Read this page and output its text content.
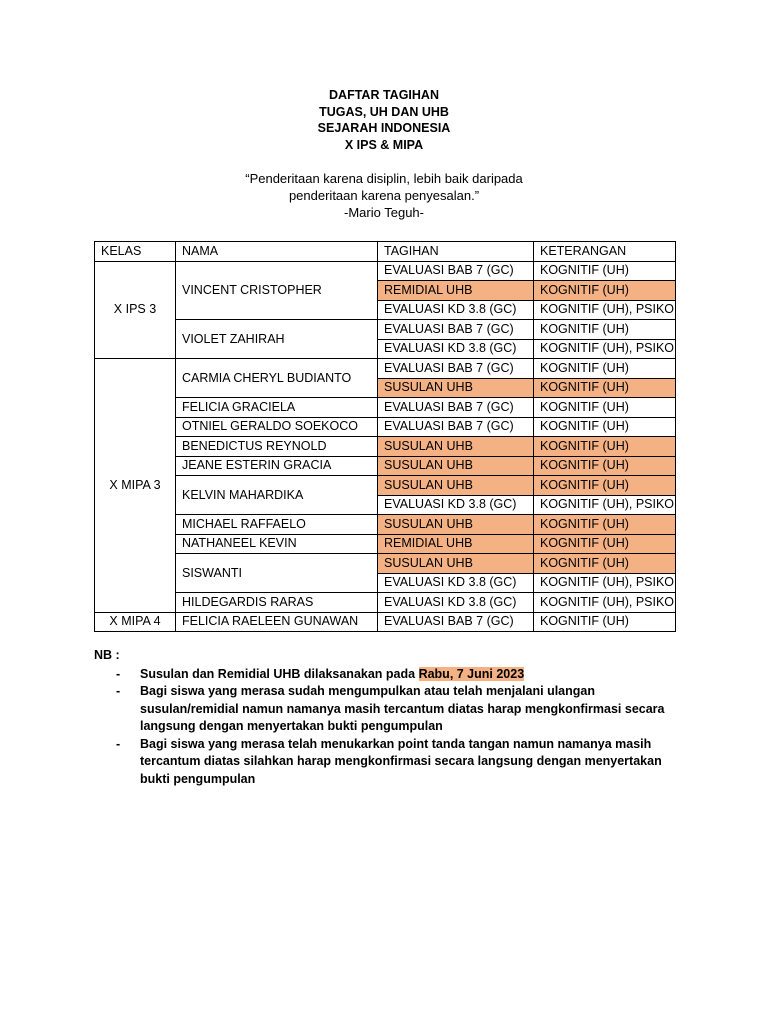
DAFTAR TAGIHAN
TUGAS, UH DAN UHB
SEJARAH INDONESIA
X IPS & MIPA
“Penderitaan karena disiplin, lebih baik daripada
penderitaan karena penyesalan.”
-Mario Teguh-
KELAS	NAMA	TAGIHAN	KETERANGAN
X IPS 3	VINCENT CRISTOPHER	EVALUASI BAB 7 (GC)	KOGNITIF (UH)
		REMIDIAL UHB	KOGNITIF (UH)
		EVALUASI KD 3.8 (GC)	KOGNITIF (UH), PSIKO
	VIOLET ZAHIRAH	EVALUASI BAB 7 (GC)	KOGNITIF (UH)
		EVALUASI KD 3.8 (GC)	KOGNITIF (UH), PSIKO
X MIPA 3	CARMIA CHERYL BUDIANTO	EVALUASI BAB 7 (GC)	KOGNITIF (UH)
		SUSULAN UHB	KOGNITIF (UH)
	FELICIA GRACIELA	EVALUASI BAB 7 (GC)	KOGNITIF (UH)
	OTNIEL GERALDO SOEKOCO	EVALUASI BAB 7 (GC)	KOGNITIF (UH)
	BENEDICTUS REYNOLD	SUSULAN UHB	KOGNITIF (UH)
	JEANE ESTERIN GRACIA	SUSULAN UHB	KOGNITIF (UH)
	KELVIN MAHARDIKA	SUSULAN UHB	KOGNITIF (UH)
		EVALUASI KD 3.8 (GC)	KOGNITIF (UH), PSIKO
	MICHAEL RAFFAELO	SUSULAN UHB	KOGNITIF (UH)
	NATHANEEL KEVIN	REMIDIAL UHB	KOGNITIF (UH)
	SISWANTI	SUSULAN UHB	KOGNITIF (UH)
		EVALUASI KD 3.8 (GC)	KOGNITIF (UH), PSIKO
	HILDEGARDIS RARAS	EVALUASI KD 3.8 (GC)	KOGNITIF (UH), PSIKO
X MIPA 4	FELICIA RAELEEN GUNAWAN	EVALUASI BAB 7 (GC)	KOGNITIF (UH)
NB :
- Susulan dan Remidial UHB dilaksanakan pada Rabu, 7 Juni 2023
- Bagi siswa yang merasa sudah mengumpulkan atau telah menjalani ulangan susulan/remidial namun namanya masih tercantum diatas harap mengkonfirmasi secara langsung dengan menyertakan bukti pengumpulan
- Bagi siswa yang merasa telah menukarkan point tanda tangan namun namanya masih tercantum diatas silahkan harap mengkonfirmasi secara langsung dengan menyertakan bukti pengumpulan
